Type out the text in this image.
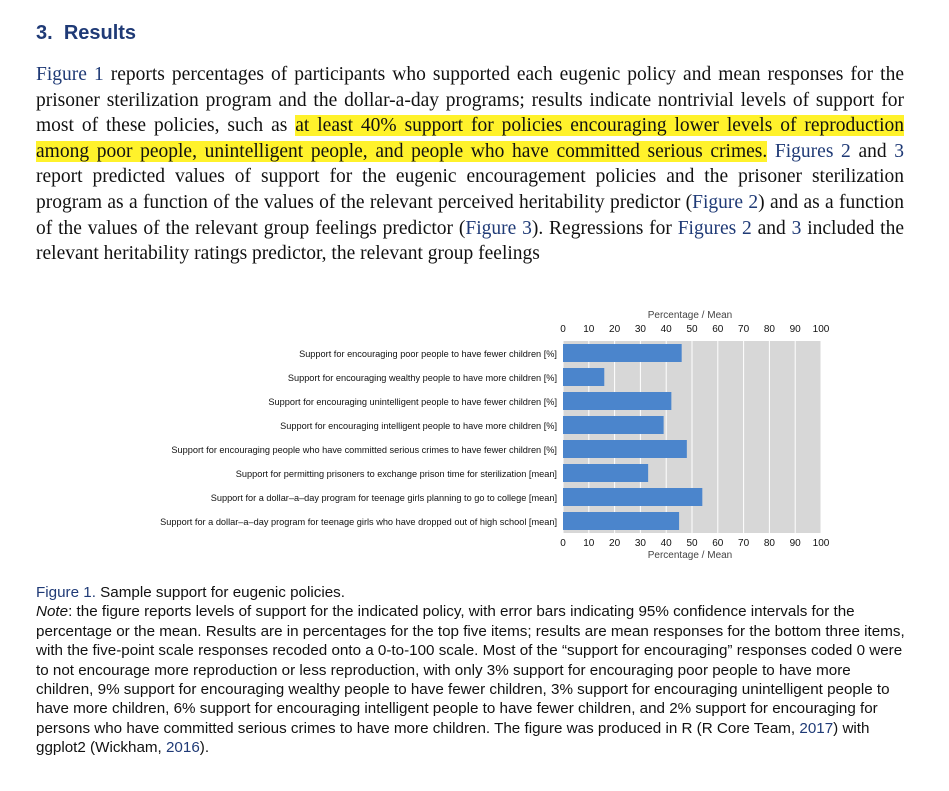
3. Results

Figure 1 reports percentages of participants who supported each eugenic policy and mean responses for the prisoner sterilization program and the dollar-a-day programs; results indicate nontrivial levels of support for most of these policies, such as at least 40% support for policies encouraging lower levels of reproduction among poor people, unintelligent people, and people who have committed serious crimes. Figures 2 and 3 report predicted values of support for the eugenic encouragement policies and the prisoner sterilization program as a function of the values of the relevant perceived heritability predictor (Figure 2) and as a function of the values of the relevant group feelings predictor (Figure 3). Regressions for Figures 2 and 3 included the relevant heritability ratings predictor, the relevant group feelings

Percentage / Mean
0 10 20 30 40 50 60 70 80 90 100
Support for encouraging poor people to have fewer children [%]
Support for encouraging wealthy people to have more children [%]
Support for encouraging unintelligent people to have fewer children [%]
Support for encouraging intelligent people to have more children [%]
Support for encouraging people who have committed serious crimes to have fewer children [%]
Support for permitting prisoners to exchange prison time for sterilization [mean]
Support for a dollar–a–day program for teenage girls planning to go to college [mean]
Support for a dollar–a–day program for teenage girls who have dropped out of high school [mean]
0 10 20 30 40 50 60 70 80 90 100
Percentage / Mean
Figure 1. Sample support for eugenic policies.

Note: the figure reports levels of support for the indicated policy, with error bars indicating 95% confidence intervals for the percentage or the mean. Results are in percentages for the top five items; results are mean responses for the bottom three items, with the five-point scale responses recoded onto a 0-to-100 scale. Most of the “support for encouraging” responses coded 0 were to not encourage more reproduction or less reproduction, with only 3% support for encouraging poor people to have more children, 9% support for encouraging wealthy people to have fewer children, 3% support for encouraging unintelligent people to have more children, 6% support for encouraging intelligent people to have fewer children, and 2% support for encouraging for persons who have committed serious crimes to have more children. The figure was produced in R (R Core Team, 2017) with ggplot2 (Wickham, 2016).
